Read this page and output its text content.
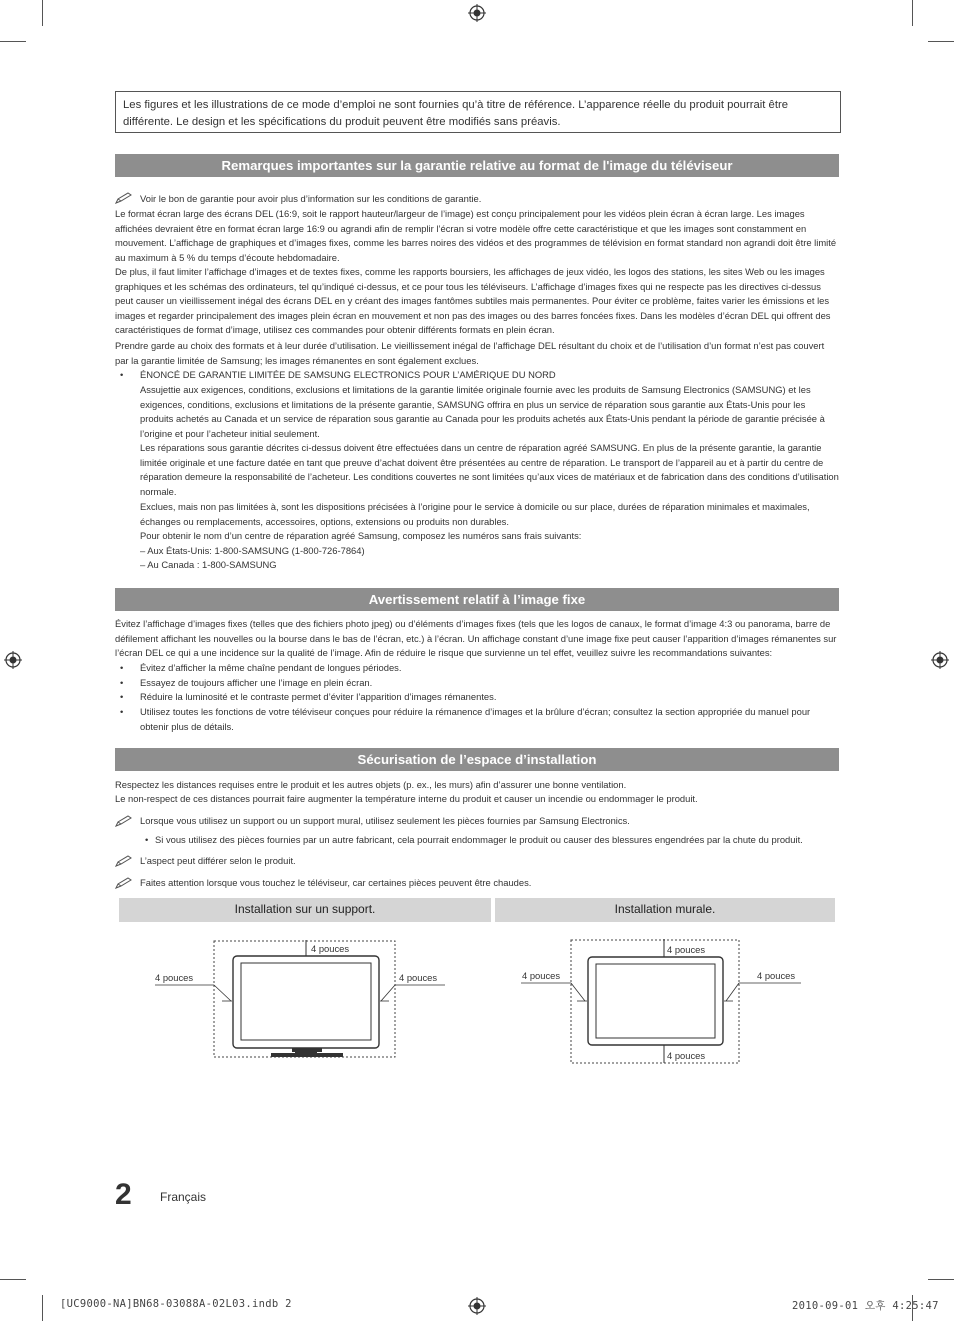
Les figures et les illustrations de ce mode d’emploi ne sont fournies qu’à titre de référence. L’apparence réelle du produit pourrait être différente. Le design et les spécifications du produit peuvent être modifiés sans préavis.
Remarques importantes sur la garantie relative au format de l'image du téléviseur
Voir le bon de garantie pour avoir plus d’information sur les conditions de garantie.

Le format écran large des écrans DEL (16:9, soit le rapport hauteur/largeur de l’image) est conçu principalement pour les vidéos plein écran à écran large. Les images affichées devraient être en format écran large 16:9 ou agrandi afin de remplir l’écran si votre modèle offre cette caractéristique et que les images sont constamment en mouvement. L’affichage de graphiques et d’images fixes, comme les barres noires des vidéos et des programmes de télévision en format standard non agrandi doit être limité au maximum à 5 % du temps d’écoute hebdomadaire.

De plus, il faut limiter l’affichage d’images et de textes fixes, comme les rapports boursiers, les affichages de jeux vidéo, les logos des stations, les sites Web ou les images graphiques et les schémas des ordinateurs, tel qu’indiqué ci-dessus, et ce pour tous les téléviseurs. L’affichage d’images fixes qui ne respecte pas les directives ci-dessus peut causer un vieillissement inégal des écrans DEL en y créant des images fantômes subtiles mais permanentes. Pour éviter ce problème, faites varier les émissions et les images et regarder principalement des images plein écran en mouvement et non pas des images ou des barres foncées fixes. Dans les modèles d’écran DEL qui offrent des caractéristiques de format d’image, utilisez ces commandes pour obtenir différents formats en plein écran.

Prendre garde au choix des formats et à leur durée d’utilisation. Le vieillissement inégal de l’affichage DEL résultant du choix et de l’utilisation d’un format n’est pas couvert par la garantie limitée de Samsung; les images rémanentes en sont également exclues.

• ÉNONCÉ DE GARANTIE LIMITÉE DE SAMSUNG ELECTRONICS POUR L’AMÉRIQUE DU NORD
Assujettie aux exigences, conditions, exclusions et limitations de la garantie limitée originale fournie avec les produits de Samsung Electronics (SAMSUNG) et les exigences, conditions, exclusions et limitations de la présente garantie, SAMSUNG offrira en plus un service de réparation sous garantie aux États-Unis pour les produits achetés au Canada et un service de réparation sous garantie au Canada pour les produits achetés aux États-Unis pendant la période de garantie précisée à l’origine et pour l’acheteur initial seulement.
Les réparations sous garantie décrites ci-dessus doivent être effectuées dans un centre de réparation agréé SAMSUNG. En plus de la présente garantie, la garantie limitée originale et une facture datée en tant que preuve d’achat doivent être présentées au centre de réparation. Le transport de l’appareil au et à partir du centre de réparation demeure la responsabilité de l’acheteur. Les conditions couvertes ne sont limitées qu’aux vices de matériaux et de fabrication dans des conditions d’utilisation normale.
Exclues, mais non pas limitées à, sont les dispositions précisées à l’origine pour le service à domicile ou sur place, durées de réparation minimales et maximales, échanges ou remplacements, accessoires, options, extensions ou produits non durables.
Pour obtenir le nom d’un centre de réparation agréé Samsung, composez les numéros sans frais suivants:
– Aux États-Unis: 1-800-SAMSUNG (1-800-726-7864)
– Au Canada : 1-800-SAMSUNG
Avertissement relatif à l’image fixe

Évitez l’affichage d’images fixes (telles que des fichiers photo jpeg) ou d’éléments d’images fixes (tels que les logos de canaux, le format d’image 4:3 ou panorama, barre de défilement affichant les nouvelles ou la bourse dans le bas de l’écran, etc.) à l’écran. Un affichage constant d’une image fixe peut causer l’apparition d’images rémanentes sur l’écran DEL ce qui a une incidence sur la qualité de l’image. Afin de réduire le risque que survienne un tel effet, veuillez suivre les recommandations suivantes:

• Évitez d’afficher la même chaîne pendant de longues périodes.
• Essayez de toujours afficher une l’image en plein écran.
• Réduire la luminosité et le contraste permet d’éviter l’apparition d’images rémanentes.
• Utilisez toutes les fonctions de votre téléviseur conçues pour réduire la rémanence d’images et la brûlure d’écran; consultez la section appropriée du manuel pour obtenir plus de détails.
Sécurisation de l’espace d’installation

Respectez les distances requises entre le produit et les autres objets (p. ex., les murs) afin d’assurer une bonne ventilation.

Le non-respect de ces distances pourrait faire augmenter la température interne du produit et causer un incendie ou endommager le produit.

Lorsque vous utilisez un support ou un support mural, utilisez seulement les pièces fournies par Samsung Electronics.
• Si vous utilisez des pièces fournies par un autre fabricant, cela pourrait endommager le produit ou causer des blessures engendrées par la chute du produit.
L’aspect peut différer selon le produit.
Faites attention lorsque vous touchez le téléviseur, car certaines pièces peuvent être chaudes.
Installation sur un support.	Installation murale.
4 pouces
4 pouces	4 pouces
4 pouces
4 pouces	4 pouces
4 pouces
2 Français
[UC9000-NA]BN68-03088A-02L03.indb 2	2010-09-01 오후 4:25:47
